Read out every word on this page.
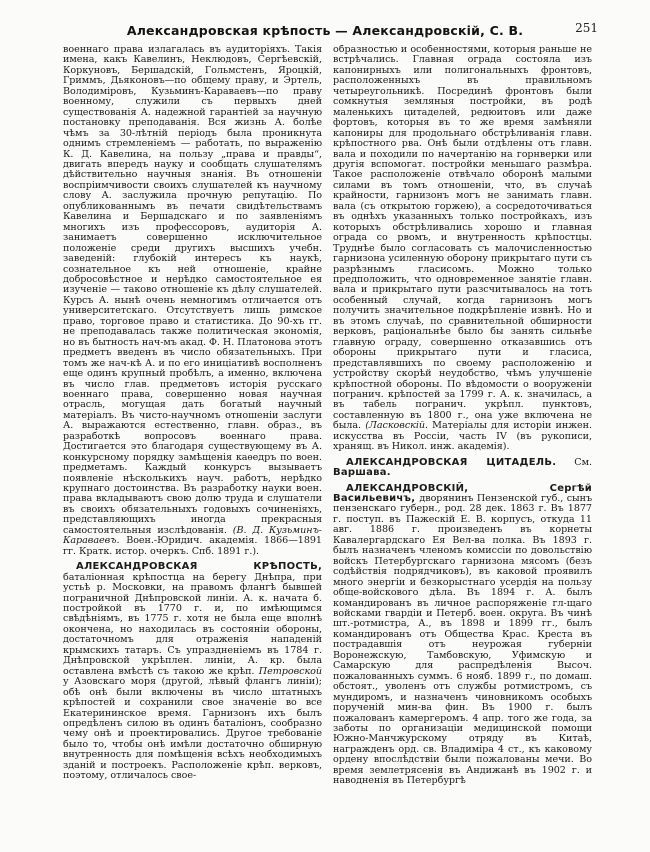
Александровская крѣпость — Александровскій, С. В.	251

военнаго права излагалась въ аудиторіяхъ. Такія имена, какъ Кавелинъ, Неклюдовъ, Сергѣевскій, Коркуновъ, Бершадскій, Гольмстенъ, Яроцкій, Гриммъ, Дьяконовъ—по общему праву, и Эртель, Володиміровъ, Кузьминъ-Караваевъ—по праву военному, служили съ первыхъ дней существованія А. надежной гарантіей за научную постановку преподаванія. Вся жизнь А. болѣе чѣмъ за 30-лѣтній періодъ была проникнута однимъ стремленіемъ — работать, по выраженію К. Д. Кавелина, на пользу „права и правды“, двигать впередъ науку и сообщать слушателямъ дѣйствительно научныя знанія. Въ отношеніи воспріимчивости своихъ слушателей къ научному слову А. заслужила прочную репутацію. По опубликованнымъ въ печати свидѣтельствамъ Кавелина и Бершадскаго и по заявленіямъ многихъ изъ профессоровъ, аудиторія А. занимаетъ совершенно исключительное положеніе среди другихъ высшихъ учебн. заведеній: глубокій интересъ къ наукѣ, сознательное къ ней отношеніе, крайне добросовѣстное и нерѣдко самостоятельное ея изученіе — таково отношеніе къ дѣлу слушателей. Курсъ А. нынѣ очень немногимъ отличается отъ университетскаго. Отсутствуетъ лишь римское право, торговое право и статистика. До 90-хъ гг. не преподавалась также политическая экономія, но въ бытность нач-мъ акад. Ф. Н. Платонова этотъ предметъ введенъ въ число обязательныхъ. При томъ же нач-кѣ А. и по его иниціативѣ восполненъ еще одинъ крупный пробѣлъ, а именно, включена въ число глав. предметовъ исторія русскаго военнаго права, совершенно новая научная отрасль, могущая дать богатый научный матеріалъ. Въ чисто-научномъ отношеніи заслуги А. выражаются естественно, главн. образ., въ разработкѣ вопросовъ военнаго права. Достигается это благодаря существующему въ А. конкурсному порядку замѣщенія каѳедръ по воен. предметамъ. Каждый конкурсъ вызываетъ появленіе нѣсколькихъ науч. работъ, нерѣдко крупнаго достоинства. Въ разработку науки воен. права вкладываютъ свою долю труда и слушатели въ своихъ обязательныхъ годовыхъ сочиненіяхъ, представляющихъ иногда прекрасныя самостоятельныя изслѣдованія. (В. Д. Кузьминъ-Караваевъ. Воен.-Юридич. академія. 1866—1891 гг. Кратк. истор. очеркъ. Спб. 1891 г.).

АЛЕКСАНДРОВСКАЯ КРѢПОСТЬ, баталіонная крѣпостца на берегу Днѣпра, при устьѣ р. Московки, на правомъ флангѣ бывшей пограничной Днѣпровской линіи. А. к. начата б. постройкой въ 1770 г. и, по имѣющимся свѣдѣніямъ, въ 1775 г. хотя не была еще вполнѣ окончена, но находилась въ состояніи обороны, достаточномъ для отраженія нападеній крымскихъ татаръ. Съ упраздненіемъ въ 1784 г. Днѣпровской укрѣплен. линіи, А. кр. была оставлена вмѣстѣ съ такою же крѣп. Петровской у Азовскаго моря (другой, лѣвый флангъ линіи); обѣ онѣ были включены въ число штатныхъ крѣпостей и сохранили свое значеніе во все Екатерининское время. Гарнизонъ ихъ былъ опредѣленъ силою въ одинъ баталіонъ, сообразно чему онѣ и проектировались. Другое требованіе было то, чтобы онѣ имѣли достаточно обширную внутренность для помѣщенія всѣхъ необходимыхъ зданій и построекъ. Расположеніе крѣп. верковъ, поэтому, отличалось свое-

образностью и особенностями, которыя раньше не встрѣчались. Главная ограда состояла изъ капонирныхъ или полигональныхъ фронтовъ, расположенныхъ въ правильномъ четыреугольникѣ. Посрединѣ фронтовъ были сомкнутыя земляныя постройки, въ родѣ маленькихъ цитаделей, редюитовъ или даже фортовъ, которыя въ то же время замѣняли капониры для продольнаго обстрѣливанія главн. крѣпостного рва. Онѣ были отдѣлены отъ главн. вала и походили по начертанію на горнверки или другія вспомогат. постройки меньшаго размѣра. Такое расположеніе отвѣчало оборонѣ малыми силами въ томъ отношеніи, что, въ случаѣ крайности, гарнизонъ могъ не занимать главн. вала (съ открытою горжею), а сосредоточиваться въ однѣхъ указанныхъ только постройкахъ, изъ которыхъ обстрѣливались хорошо и главная ограда со рвомъ, и внутренность крѣпостцы. Труднѣе было согласовать съ малочисленностью гарнизона усиленную оборону прикрытаго пути съ разрѣзнымъ гласисомъ. Можно только предположить, что одновременное занятіе главн. вала и прикрытаго пути разсчитывалось на тотъ особенный случай, когда гарнизонъ могъ получить значительное подкрѣпленіе извнѣ. Но и въ этомъ случаѣ, по сравнительной обширности верковъ, раціональнѣе было бы занять сильнѣе главную ограду, совершенно отказавшись отъ обороны прикрытаго пути и гласиса, представлявшихъ по своему расположенію и устройству скорѣй неудобство, чѣмъ улучшеніе крѣпостной обороны. По вѣдомости о вооруженіи погранич. крѣпостей за 1799 г. А. к. значилась, а въ табель погранич. укрѣпл. пунктовъ, составленную въ 1800 г., она уже включена не была. (Ласковскій. Матеріалы для исторіи инжен. искусства въ Россіи, часть IV (въ рукописи, хранящ. въ Никол. инж. академія).

АЛЕКСАНДРОВСКАЯ ЦИТАДЕЛЬ. См. Варшава.

АЛЕКСАНДРОВСКІЙ, Сергѣй Васильевичъ, дворянинъ Пензенской губ., сынъ пензенскаго губерн., род. 28 дек. 1863 г. Въ 1877 г. поступ. въ Пажескій Е. В. корпусъ, откуда 11 авг. 1886 г. произведенъ въ корнеты Кавалергардскаго Ея Вел-ва полка. Въ 1893 г. былъ назначенъ членомъ комиссіи по довольствію войскъ Петербургскаго гарнизона мясомъ (безъ содѣйствія подрядчиковъ), въ каковой проявилъ много энергіи и безкорыстнаго усердія на пользу обще-войскового дѣла. Въ 1894 г. А. былъ командированъ въ личное распоряженіе гл-щаго войсками гвардіи и Петерб. воен. округа. Въ чинѣ шт.-ротмистра, А., въ 1898 и 1899 гг., былъ командированъ отъ Общества Крас. Креста въ пострадавшія отъ неурожая губерніи Воронежскую, Тамбовскую, Уфимскую и Самарскую для распредѣленія Высоч. пожалованныхъ суммъ. 6 нояб. 1899 г., по домаш. обстоят., уволенъ отъ службы ротмистромъ, съ мундиромъ, и назначенъ чиновникомъ особыхъ порученій мин-ва фин. Въ 1900 г. былъ пожалованъ камергеромъ. 4 апр. того же года, за заботы по организаціи медицинской помощи Южно-Манчжурскому отряду въ Китаѣ, награжденъ орд. св. Владиміра 4 ст., къ каковому ордену впослѣдствіи были пожалованы мечи. Во время землетрясенія въ Андижанѣ въ 1902 г. и наводненія въ Петербургѣ
